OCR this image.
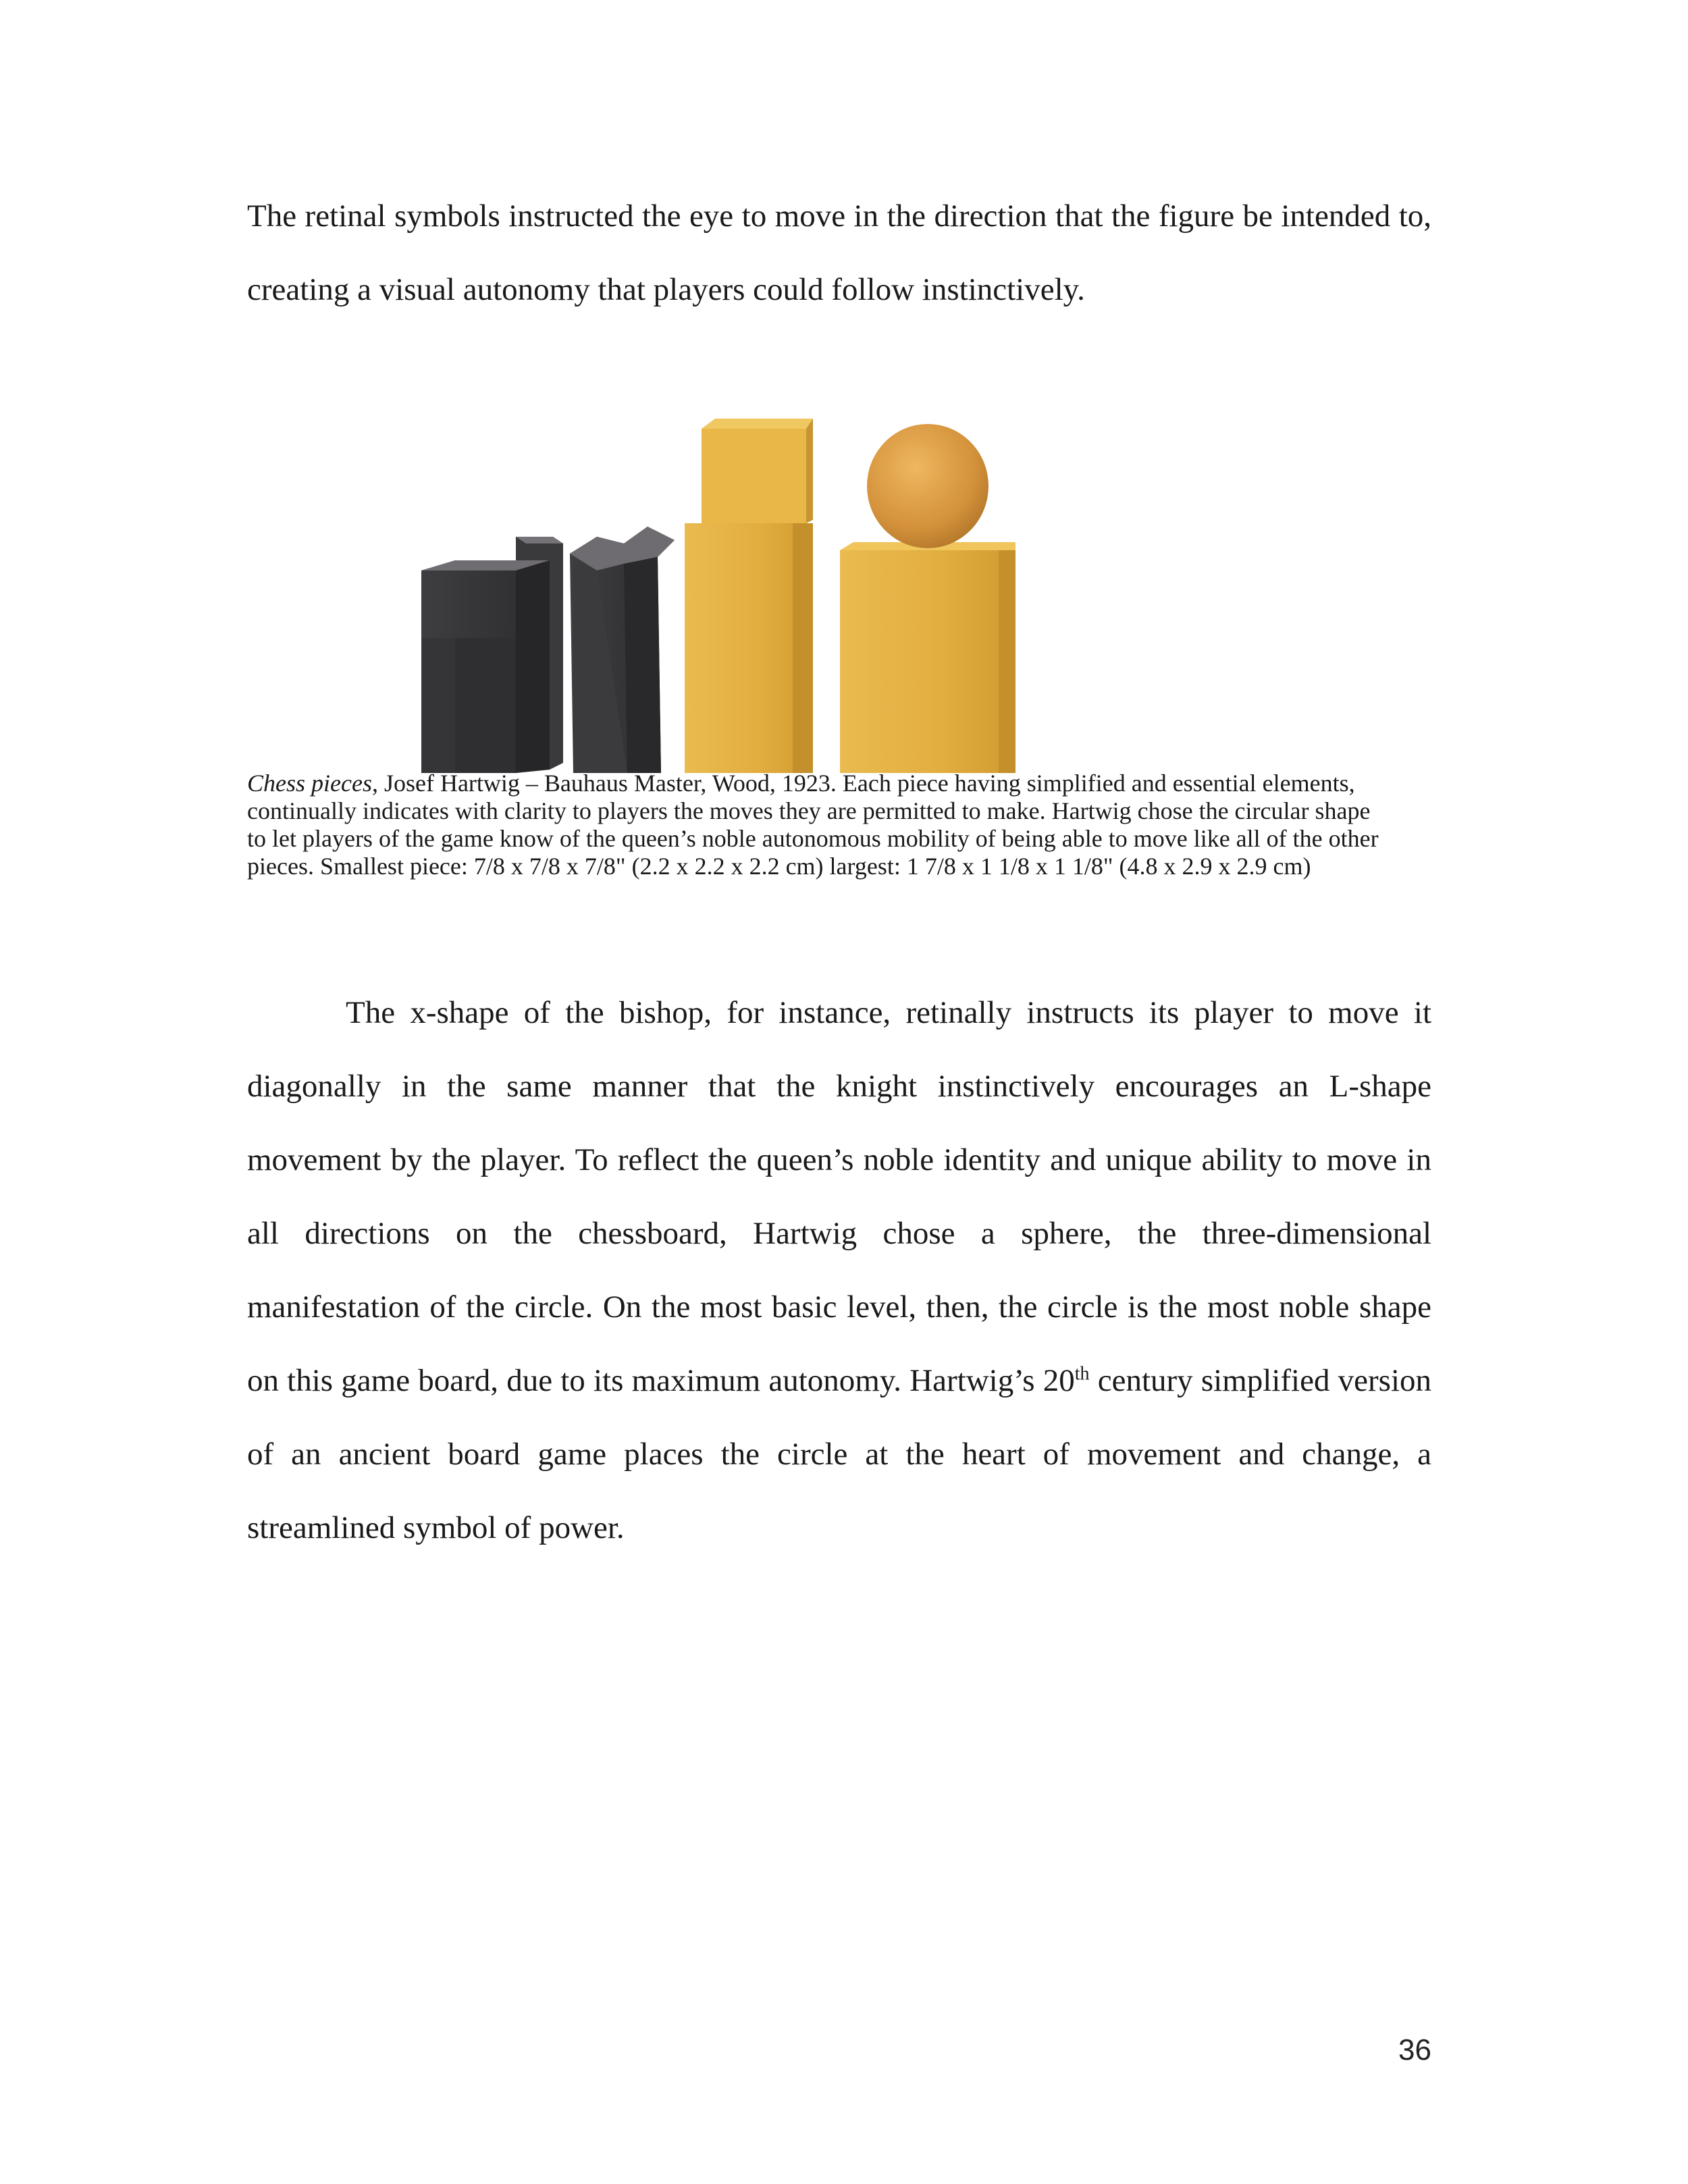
The retinal symbols instructed the eye to move in the direction that the figure be intended to, creating a visual autonomy that players could follow instinctively.

Chess pieces, Josef Hartwig – Bauhaus Master, Wood, 1923. Each piece having simplified and essential elements, continually indicates with clarity to players the moves they are permitted to make. Hartwig chose the circular shape to let players of the game know of the queen’s noble autonomous mobility of being able to move like all of the other pieces. Smallest piece: 7/8 x 7/8 x 7/8" (2.2 x 2.2 x 2.2 cm) largest: 1 7/8 x 1 1/8 x 1 1/8" (4.8 x 2.9 x 2.9 cm)

The x-shape of the bishop, for instance, retinally instructs its player to move it diagonally in the same manner that the knight instinctively encourages an L-shape movement by the player. To reflect the queen’s noble identity and unique ability to move in all directions on the chessboard, Hartwig chose a sphere, the three-dimensional manifestation of the circle. On the most basic level, then, the circle is the most noble shape on this game board, due to its maximum autonomy. Hartwig’s 20th century simplified version of an ancient board game places the circle at the heart of movement and change, a streamlined symbol of power.

36
